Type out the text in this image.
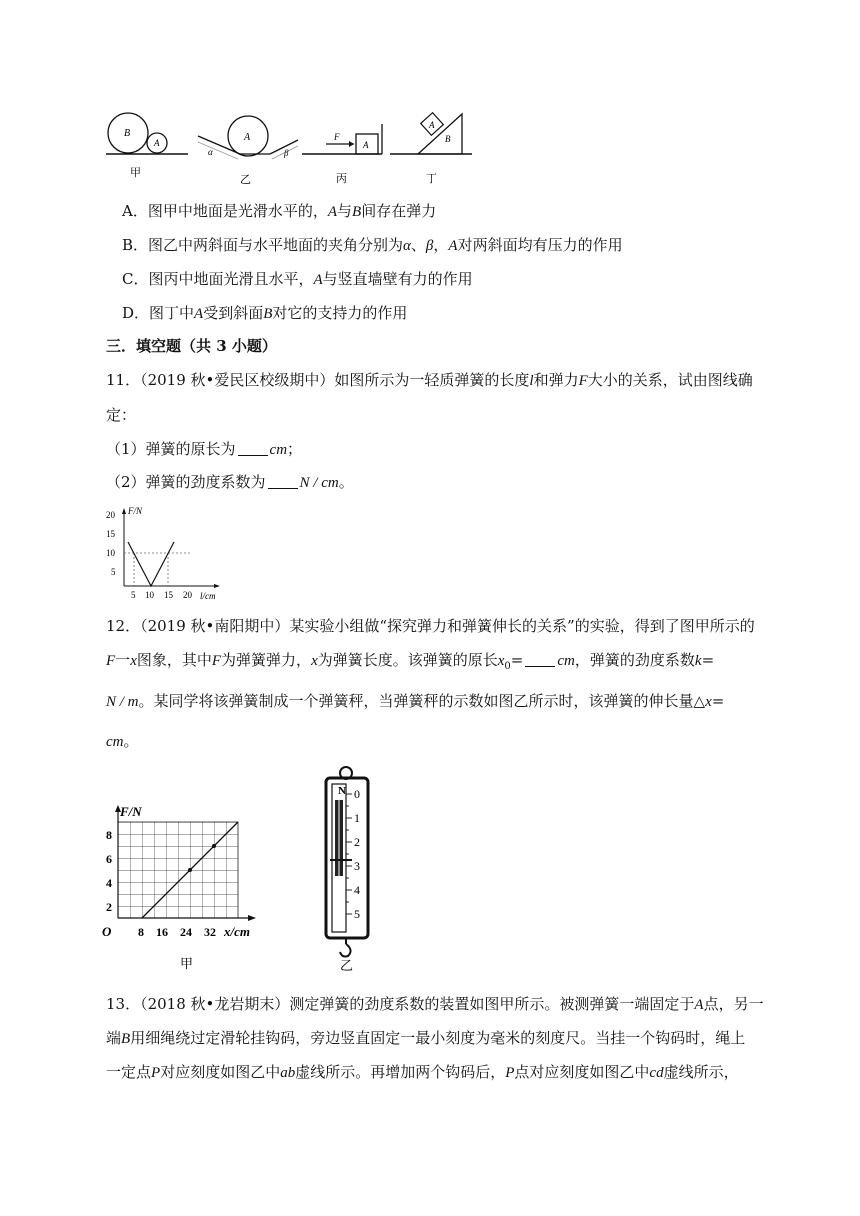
B
A
甲
A
α	β
乙
F
A
丙
A
B
丁
A．图甲中地面是光滑水平的，A与B间存在弹力
B．图乙中两斜面与水平地面的夹角分别为α、β，A对两斜面均有压力的作用
C．图丙中地面光滑且水平，A与竖直墙壁有力的作用
D．图丁中A受到斜面B对它的支持力的作用
三．填空题（共 3 小题）
11．（2019 秋•爱民区校级期中）如图所示为一轻质弹簧的长度l和弹力F大小的关系，试由图线确
定：
（1）弹簧的原长为 cm；
（2）弹簧的劲度系数为 N / cm。
F/N
l/cm
20
15
10
5
5 10 15 20
12．（2019 秋•南阳期中）某实验小组做“探究弹力和弹簧伸长的关系”的实验，得到了图甲所示的
F一x图象，其中F为弹簧弹力，x为弹簧长度。该弹簧的原长$x_0=$ cm，弹簧的劲度系数k=
N / m。某同学将该弹簧制成一个弹簧秤，当弹簧秤的示数如图乙所示时，该弹簧的伸长量△x=
cm。
F/N
x/cm
O
8
6
4
2
8 16 24 32
甲
N 0
1
2
3
4
5
乙
13．（2018 秋•龙岩期末）测定弹簧的劲度系数的装置如图甲所示。被测弹簧一端固定于A点，另一
端B用细绳绕过定滑轮挂钩码，旁边竖直固定一最小刻度为毫米的刻度尺。当挂一个钩码时，绳上
一定点P对应刻度如图乙中ab虚线所示。再增加两个钩码后，P点对应刻度如图乙中cd虚线所示，
